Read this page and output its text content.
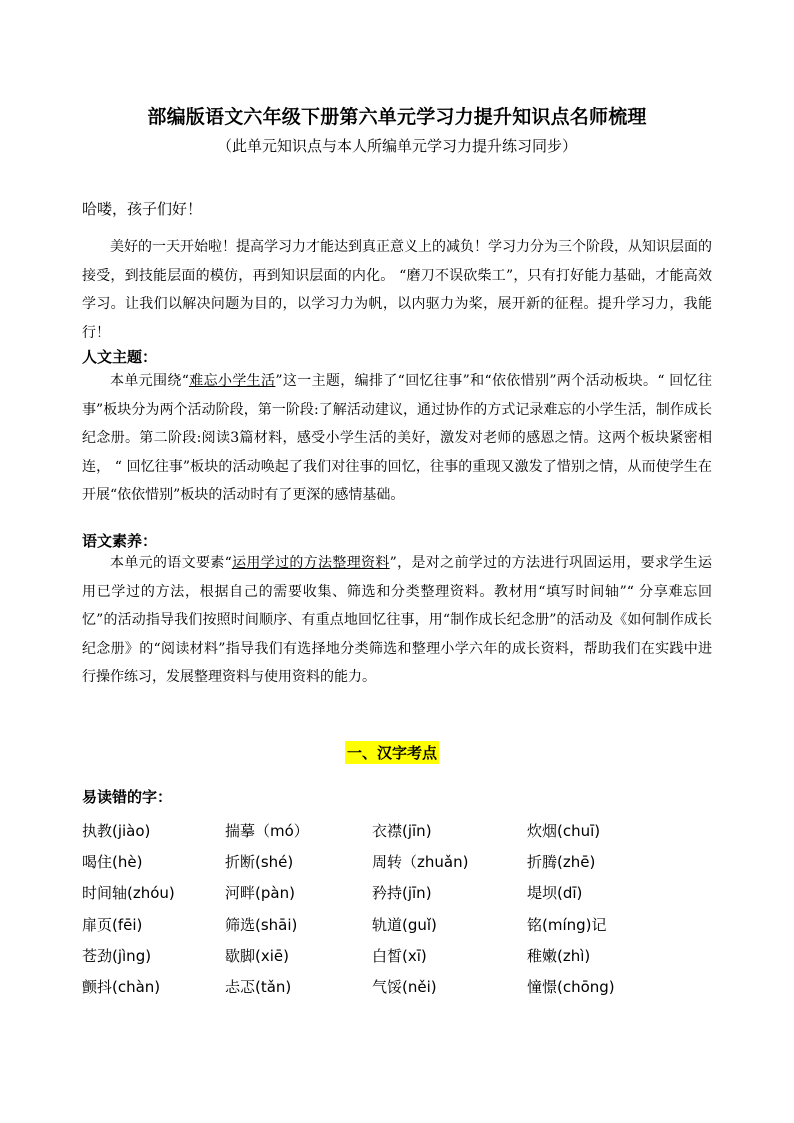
部编版语文六年级下册第六单元学习力提升知识点名师梳理
（此单元知识点与本人所编单元学习力提升练习同步）
哈喽，孩子们好！

美好的一天开始啦！提高学习力才能达到真正意义上的减负！学习力分为三个阶段，从知识层面的接受，到技能层面的模仿，再到知识层面的内化。 “磨刀不误砍柴工”，只有打好能力基础，才能高效学习。让我们以解决问题为目的，以学习力为帆，以内驱力为桨，展开新的征程。提升学习力，我能行！

人文主题：

本单元围绕“难忘小学生活”这一主题，编排了“回忆往事”和“依依惜别”两个活动板块。“ 回忆往事”板块分为两个活动阶段，第一阶段:了解活动建议，通过协作的方式记录难忘的小学生活，制作成长纪念册。第二阶段:阅读3篇材料，感受小学生活的美好，激发对老师的感恩之情。这两个板块紧密相连， “ 回忆往事”板块的活动唤起了我们对往事的回忆，往事的重现又激发了惜别之情，从而使学生在开展“依依惜别”板块的活动时有了更深的感情基础。

语文素养：

本单元的语文要素“运用学过的方法整理资料”，是对之前学过的方法进行巩固运用，要求学生运用已学过的方法，根据自己的需要收集、筛选和分类整理资料。教材用“填写时间轴”“ 分享难忘回忆”的活动指导我们按照时间顺序、有重点地回忆往事，用“制作成长纪念册”的活动及《如何制作成长纪念册》的“阅读材料”指导我们有选择地分类筛选和整理小学六年的成长资料，帮助我们在实践中进行操作练习，发展整理资料与使用资料的能力。

一、汉字考点
易读错的字：
执教(jiào)	揣摹（mó）	衣襟(jīn)	炊烟(chuī)
喝住(hè)	折断(shé)	周转（zhuǎn)	折腾(zhē)
时间轴(zhóu)	河畔(pàn)	矜持(jīn)	堤坝(dī)
扉页(fēi)	筛选(shāi)	轨道(guǐ)	铭(míng)记
苍劲(jìng)	歇脚(xiē)	白皙(xī)	稚嫩(zhì)
颤抖(chàn)	忐忑(tǎn)	气馁(něi)	憧憬(chōng)
